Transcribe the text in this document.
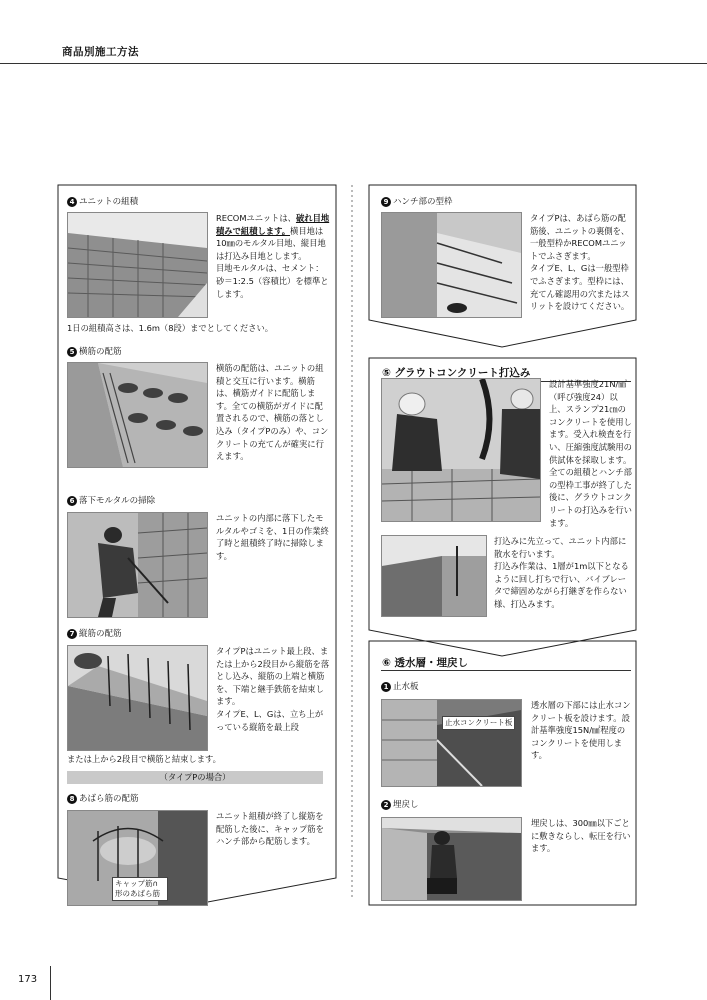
商品別施工方法
4 ユニットの組積
RECOMユニットは、破れ目地積みで組積します。横目地は10㎜のモルタル目地、縦目地は打込み目地とします。
目地モルタルは、セメント：砂＝1:2.5（容積比）を標準とします。
1日の組積高さは、1.6m（8段）までとしてください。
5 横筋の配筋
横筋の配筋は、ユニットの組積と交互に行います。横筋は、横筋ガイドに配筋します。全ての横筋がガイドに配置されるので、横筋の落とし込み（タイプPのみ）や、コンクリートの充てんが確実に行えます。
6 落下モルタルの掃除
ユニットの内部に落下したモルタルやゴミを、1日の作業終了時と組積終了時に掃除します。
7 縦筋の配筋
タイプPはユニット最上段、または上から2段目から縦筋を落とし込み、縦筋の上端と横筋を、下端と継手鉄筋を結束します。
タイプE、L、Gは、立ち上がっている縦筋を最上段
または上から2段目で横筋と結束します。
（タイプPの場合）
8 あばら筋の配筋
キャップ筋∩形のあばら筋
ユニット組積が終了し縦筋を配筋した後に、キャップ筋をハンチ部から配筋します。
9 ハンチ部の型枠
タイプPは、あばら筋の配筋後、ユニットの裏側を、一般型枠かRECOMユニットでふさぎます。
タイプE、L、Gは一般型枠でふさぎます。型枠には、充てん確認用の穴またはスリットを設けてください。
⑤ グラウトコンクリート打込み
設計基準強度21N/㎟（呼び強度24）以上、スランプ21㎝のコンクリートを使用します。受入れ検査を行い、圧縮強度試験用の供試体を採取します。全ての組積とハンチ部の型枠工事が終了した後に、グラウトコンクリートの打込みを行います。
打込みに先立って、ユニット内部に散水を行います。
打込み作業は、1層が1m以下となるように回し打ちで行い、バイブレータで締固めながら打継ぎを作らない様、打込みます。
⑥ 透水層・埋戻し
1 止水板
止水コンクリート板
透水層の下部には止水コンクリート板を設けます。設計基準強度15N/㎟程度のコンクリートを使用します。
2 埋戻し
埋戻しは、300㎜以下ごとに敷きならし、転圧を行います。
173
